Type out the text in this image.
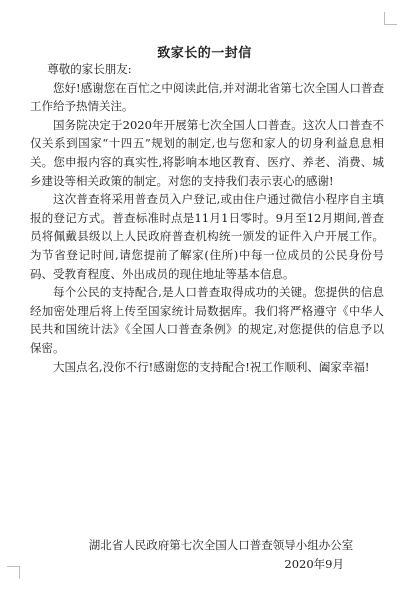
致家长的一封信

尊敬的家长朋友:

您好!感谢您在百忙之中阅读此信,并对湖北省第七次全国人口普查工作给予热情关注。

国务院决定于2020年开展第七次全国人口普查。这次人口普查不仅关系到国家“十四五”规划的制定,也与您和家人的切身利益息息相关。您申报内容的真实性,将影响本地区教育、医疗、养老、消费、城乡建设等相关政策的制定。对您的支持我们表示衷心的感谢!

这次普查将采用普查员入户登记,或由住户通过微信小程序自主填报的登记方式。普查标准时点是11月1日零时。9月至12月期间,普查员将佩戴县级以上人民政府普查机构统一颁发的证件入户开展工作。为节省登记时间,请您提前了解家(住所)中每一位成员的公民身份号码、受教育程度、外出成员的现住地址等基本信息。

每个公民的支持配合,是人口普查取得成功的关键。您提供的信息经加密处理后将上传至国家统计局数据库。我们将严格遵守《中华人民共和国统计法》《全国人口普查条例》的规定,对您提供的信息予以保密。

大国点名,没你不行!感谢您的支持配合!祝工作顺利、阖家幸福!

湖北省人民政府第七次全国人口普查领导小组办公室
2020年9月
